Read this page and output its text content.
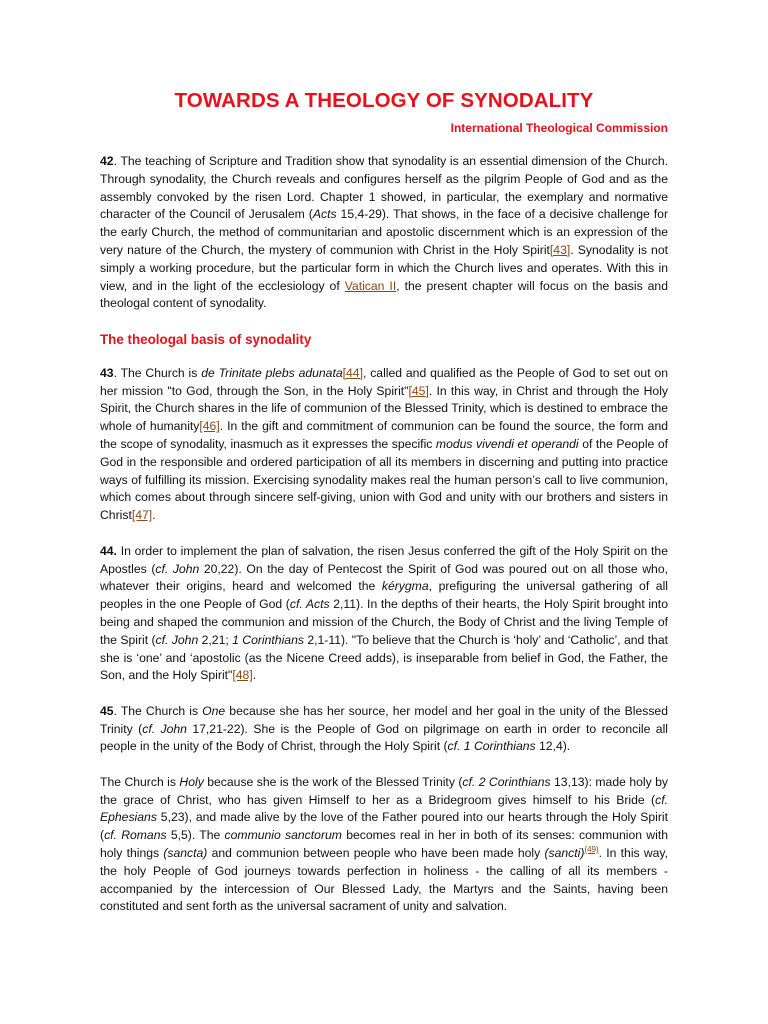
TOWARDS A THEOLOGY OF SYNODALITY
International Theological Commission

42. The teaching of Scripture and Tradition show that synodality is an essential dimension of the Church. Through synodality, the Church reveals and configures herself as the pilgrim People of God and as the assembly convoked by the risen Lord. Chapter 1 showed, in particular, the exemplary and normative character of the Council of Jerusalem (Acts 15,4-29). That shows, in the face of a decisive challenge for the early Church, the method of communitarian and apostolic discernment which is an expression of the very nature of the Church, the mystery of communion with Christ in the Holy Spirit[43]. Synodality is not simply a working procedure, but the particular form in which the Church lives and operates. With this in view, and in the light of the ecclesiology of Vatican II, the present chapter will focus on the basis and theologal content of synodality.

The theologal basis of synodality

43. The Church is de Trinitate plebs adunata[44], called and qualified as the People of God to set out on her mission "to God, through the Son, in the Holy Spirit"[45]. In this way, in Christ and through the Holy Spirit, the Church shares in the life of communion of the Blessed Trinity, which is destined to embrace the whole of humanity[46]. In the gift and commitment of communion can be found the source, the form and the scope of synodality, inasmuch as it expresses the specific modus vivendi et operandi of the People of God in the responsible and ordered participation of all its members in discerning and putting into practice ways of fulfilling its mission. Exercising synodality makes real the human person’s call to live communion, which comes about through sincere self-giving, union with God and unity with our brothers and sisters in Christ[47].

44. In order to implement the plan of salvation, the risen Jesus conferred the gift of the Holy Spirit on the Apostles (cf. John 20,22). On the day of Pentecost the Spirit of God was poured out on all those who, whatever their origins, heard and welcomed the kérygma, prefiguring the universal gathering of all peoples in the one People of God (cf. Acts 2,11). In the depths of their hearts, the Holy Spirit brought into being and shaped the communion and mission of the Church, the Body of Christ and the living Temple of the Spirit (cf. John 2,21; 1 Corinthians 2,1-11). "To believe that the Church is ‘holy’ and ‘Catholic’, and that she is ‘one’ and ‘apostolic (as the Nicene Creed adds), is inseparable from belief in God, the Father, the Son, and the Holy Spirit"[48].

45. The Church is One because she has her source, her model and her goal in the unity of the Blessed Trinity (cf. John 17,21-22). She is the People of God on pilgrimage on earth in order to reconcile all people in the unity of the Body of Christ, through the Holy Spirit (cf. 1 Corinthians 12,4).

The Church is Holy because she is the work of the Blessed Trinity (cf. 2 Corinthians 13,13): made holy by the grace of Christ, who has given Himself to her as a Bridegroom gives himself to his Bride (cf. Ephesians 5,23), and made alive by the love of the Father poured into our hearts through the Holy Spirit (cf. Romans 5,5). The communio sanctorum becomes real in her in both of its senses: communion with holy things (sancta) and communion between people who have been made holy (sancti)$^{(49)}$. In this way, the holy People of God journeys towards perfection in holiness - the calling of all its members - accompanied by the intercession of Our Blessed Lady, the Martyrs and the Saints, having been constituted and sent forth as the universal sacrament of unity and salvation.
